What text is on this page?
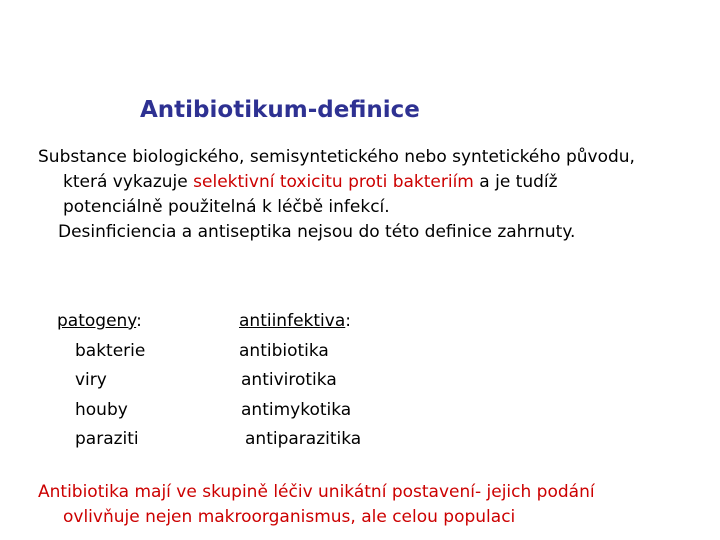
Antibiotikum-definice
Substance biologického, semisyntetického nebo syntetického původu,
která vykazuje selektivní toxicitu proti bakteriím a je tudíž
potenciálně použitelná k léčbě infekcí.
Desinficiencia a antiseptika nejsou do této definice zahrnuty.
patogeny:
bakterie
viry
houby
paraziti
antiinfektiva:
antibiotika
antivirotika
antimykotika
antiparazitika
Antibiotika mají ve skupině léčiv unikátní postavení- jejich podání
ovlivňuje nejen makroorganismus, ale celou populaci
